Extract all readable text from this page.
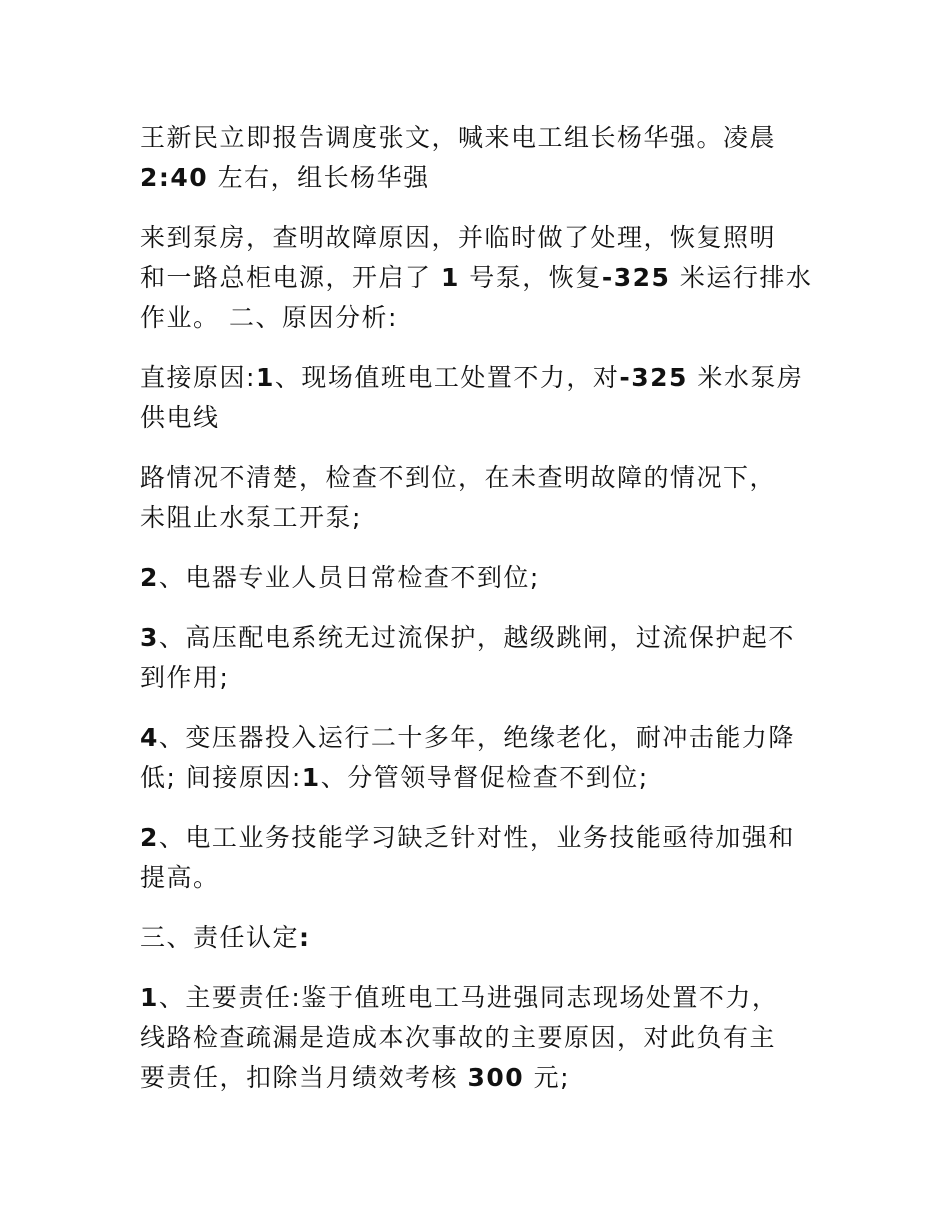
王新民立即报告调度张文，喊来电工组长杨华强。凌晨
2:40 左右，组长杨华强
来到泵房，查明故障原因，并临时做了处理，恢复照明
和一路总柜电源，开启了 1 号泵，恢复-325 米运行排水
作业。 二、原因分析:
直接原因:1、现场值班电工处置不力，对-325 米水泵房
供电线
路情况不清楚，检查不到位，在未查明故障的情况下，
未阻止水泵工开泵;
2、电器专业人员日常检查不到位;
3、高压配电系统无过流保护，越级跳闸，过流保护起不
到作用;
4、变压器投入运行二十多年，绝缘老化，耐冲击能力降
低; 间接原因:1、分管领导督促检查不到位;
2、电工业务技能学习缺乏针对性，业务技能亟待加强和
提高。
三、责任认定:
1、主要责任:鉴于值班电工马进强同志现场处置不力，
线路检查疏漏是造成本次事故的主要原因，对此负有主
要责任，扣除当月绩效考核 300 元;
